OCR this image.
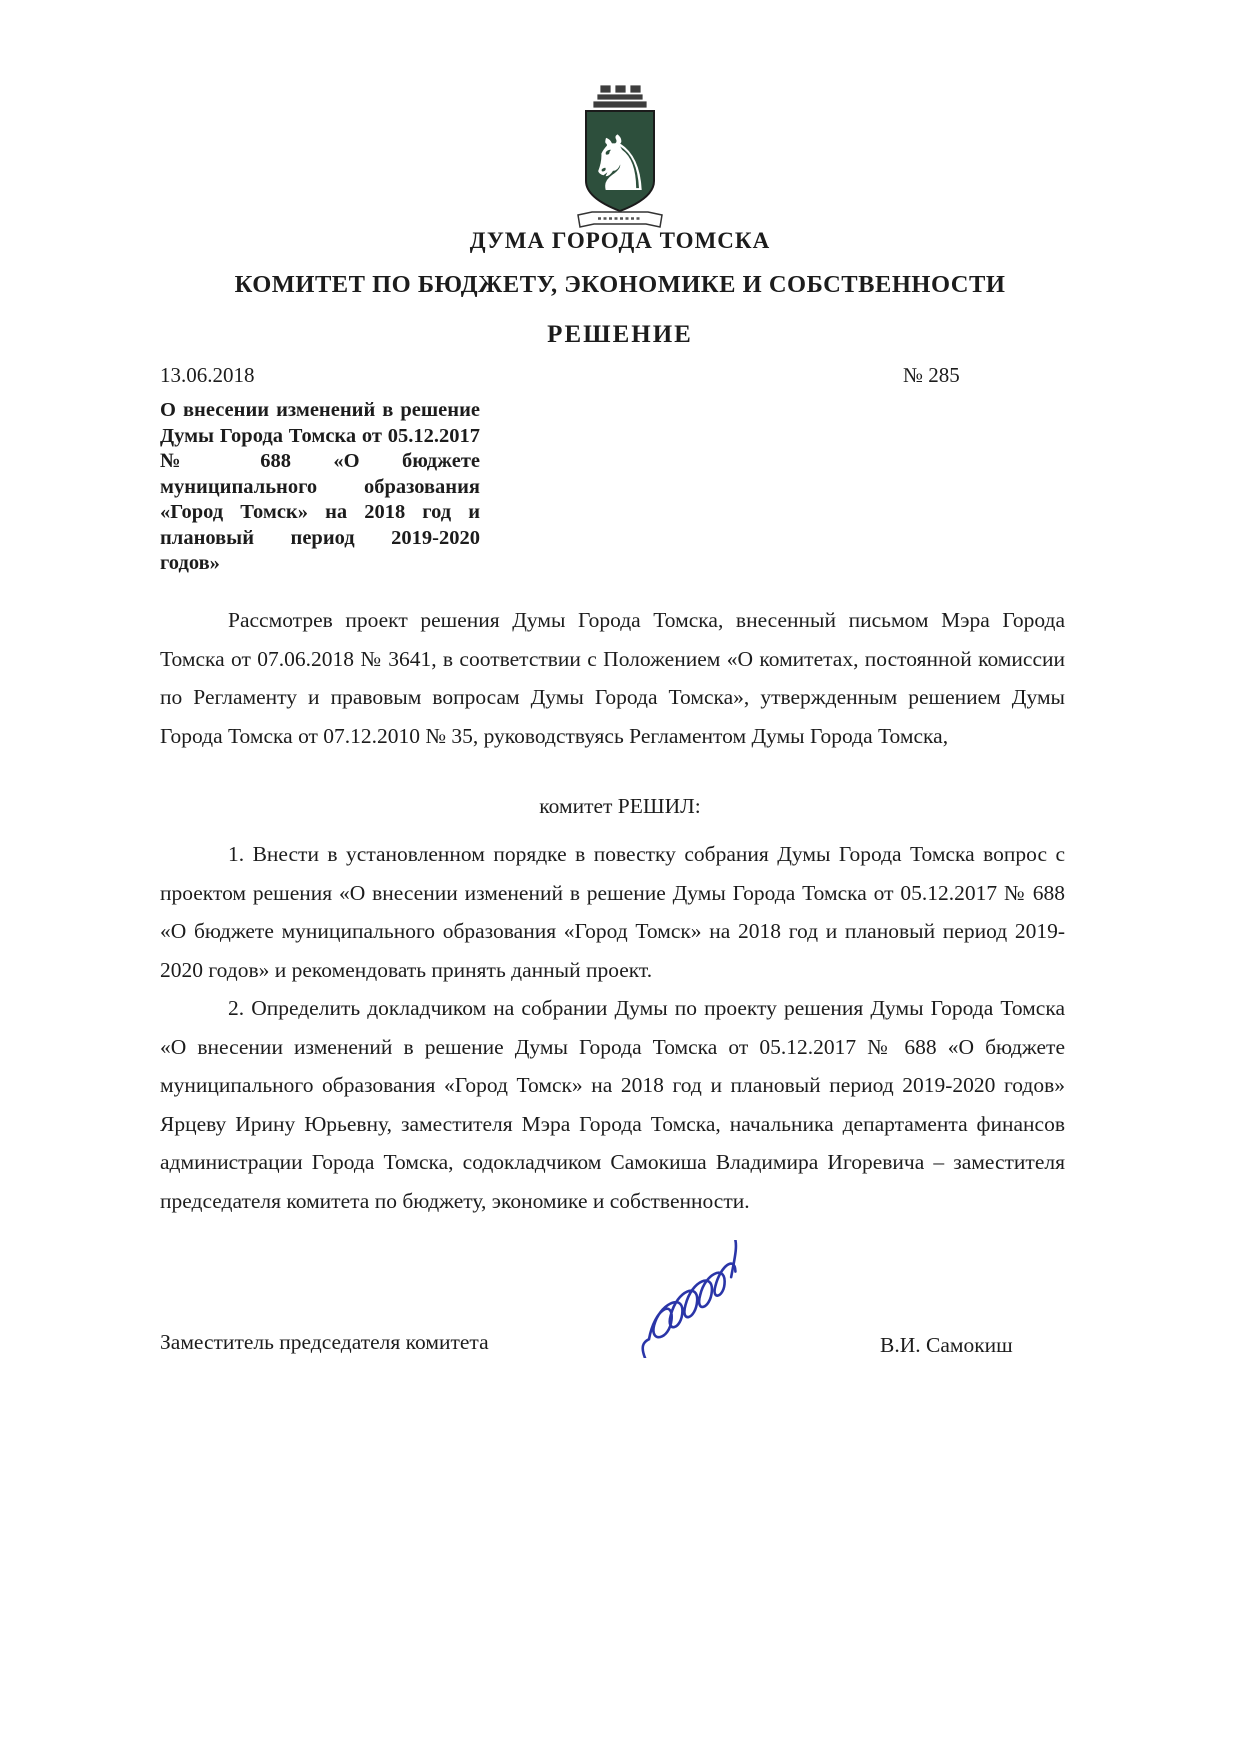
♞
ДУМА ГОРОДА ТОМСКА
КОМИТЕТ ПО БЮДЖЕТУ, ЭКОНОМИКЕ И СОБСТВЕННОСТИ
РЕШЕНИЕ
13.06.2018	№ 285
О внесении изменений в решение Думы Города Томска от 05.12.2017 № 688 «О бюджете муниципального образования «Город Томск» на 2018 год и плановый период 2019-2020 годов»

Рассмотрев проект решения Думы Города Томска, внесенный письмом Мэра Города Томска от 07.06.2018 № 3641, в соответствии с Положением «О комитетах, постоянной комиссии по Регламенту и правовым вопросам Думы Города Томска», утвержденным решением Думы Города Томска от 07.12.2010 № 35, руководствуясь Регламентом Думы Города Томска,

комитет РЕШИЛ:

1. Внести в установленном порядке в повестку собрания Думы Города Томска вопрос с проектом решения «О внесении изменений в решение Думы Города Томска от 05.12.2017 № 688 «О бюджете муниципального образования «Город Томск» на 2018 год и плановый период 2019-2020 годов» и рекомендовать принять данный проект.

2. Определить докладчиком на собрании Думы по проекту решения Думы Города Томска «О внесении изменений в решение Думы Города Томска от 05.12.2017 № 688 «О бюджете муниципального образования «Город Томск» на 2018 год и плановый период 2019-2020 годов» Ярцеву Ирину Юрьевну, заместителя Мэра Города Томска, начальника департамента финансов администрации Города Томска, содокладчиком Самокиша Владимира Игоревича – заместителя председателя комитета по бюджету, экономике и собственности.

Заместитель председателя комитета	В.И. Самокиш
